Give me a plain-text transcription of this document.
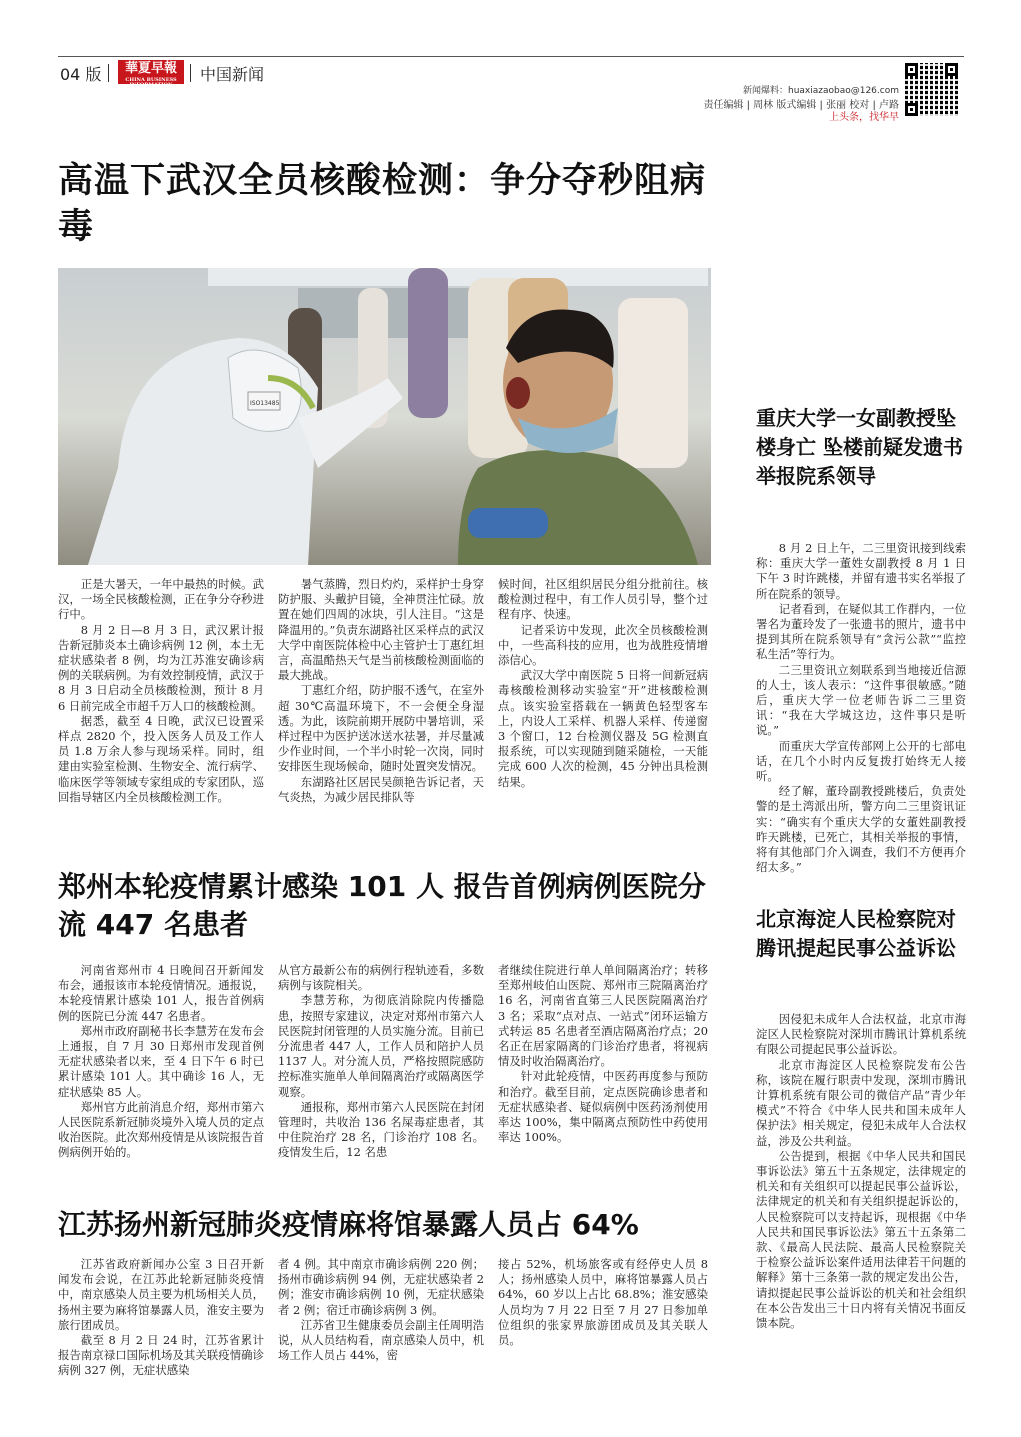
04 版	華夏早報
CHINA BUSINESS INFORMATION
中国新闻
新闻爆料：huaxiazaobao@126.com
责任编辑 | 周林 版式编辑 | 张丽 校对 | 卢路
上头条，找华早
高温下武汉全员核酸检测：争分夺秒阻病毒
ISO13485

正是大暑天，一年中最热的时候。武汉，一场全民核酸检测，正在争分夺秒进行中。

8 月 2 日—8 月 3 日，武汉累计报告新冠肺炎本土确诊病例 12 例，本土无症状感染者 8 例，均为江苏淮安确诊病例的关联病例。为有效控制疫情，武汉于 8 月 3 日启动全员核酸检测，预计 8 月 6 日前完成全市超千万人口的核酸检测。

据悉，截至 4 日晚，武汉已设置采样点 2820 个，投入医务人员及工作人员 1.8 万余人参与现场采样。同时，组建由实验室检测、生物安全、流行病学、临床医学等领域专家组成的专家团队，巡回指导辖区内全员核酸检测工作。

暑气蒸腾，烈日灼灼，采样护士身穿防护服、头戴护目镜，全神贯注忙碌。放置在她们四周的冰块，引人注目。“这是降温用的。”负责东湖路社区采样点的武汉大学中南医院体检中心主管护士丁惠红坦言，高温酷热天气是当前核酸检测面临的最大挑战。

丁惠红介绍，防护服不透气，在室外超 30℃高温环境下，不一会便全身湿透。为此，该院前期开展防中暑培训，采样过程中为医护送冰送水祛暑，并尽量减少作业时间，一个半小时轮一次岗，同时安排医生现场候命，随时处置突发情况。

东湖路社区居民吴颜艳告诉记者，天气炎热，为减少居民排队等

候时间，社区组织居民分组分批前往。核酸检测过程中，有工作人员引导，整个过程有序、快速。

记者采访中发现，此次全员核酸检测中，一些高科技的应用，也为战胜疫情增添信心。

武汉大学中南医院 5 日将一间新冠病毒核酸检测移动实验室“开”进核酸检测点。该实验室搭载在一辆黄色轻型客车上，内设人工采样、机器人采样、传递窗 3 个窗口，12 台检测仪器及 5G 检测直报系统，可以实现随到随采随检，一天能完成 600 人次的检测，45 分钟出具检测结果。

郑州本轮疫情累计感染 101 人 报告首例病例医院分流 447 名患者

河南省郑州市 4 日晚间召开新闻发布会，通报该市本轮疫情情况。通报说，本轮疫情累计感染 101 人，报告首例病例的医院已分流 447 名患者。

郑州市政府副秘书长李慧芳在发布会上通报，自 7 月 30 日郑州市发现首例无症状感染者以来，至 4 日下午 6 时已累计感染 101 人。其中确诊 16 人，无症状感染 85 人。

郑州官方此前消息介绍，郑州市第六人民医院系新冠肺炎境外入境人员的定点收治医院。此次郑州疫情是从该院报告首例病例开始的。

从官方最新公布的病例行程轨迹看，多数病例与该院相关。

李慧芳称，为彻底消除院内传播隐患，按照专家建议，决定对郑州市第六人民医院封闭管理的人员实施分流。目前已分流患者 447 人，工作人员和陪护人员 1137 人。对分流人员，严格按照院感防控标准实施单人单间隔离治疗或隔离医学观察。

通报称，郑州市第六人民医院在封闭管理时，共收治 136 名屎毒症患者，其中住院治疗 28 名，门诊治疗 108 名。疫情发生后，12 名患

者继续住院进行单人单间隔离治疗；转移至郑州岐伯山医院、郑州市三院隔离治疗 16 名，河南省直第三人民医院隔离治疗 3 名；采取“点对点、一站式”闭环运输方式转运 85 名患者至酒店隔离治疗点；20 名正在居家隔离的门诊治疗患者，将视病情及时收治隔离治疗。

针对此轮疫情，中医药再度参与预防和治疗。截至目前，定点医院确诊患者和无症状感染者、疑似病例中医药汤剂使用率达 100%，集中隔离点预防性中药使用率达 100%。

江苏扬州新冠肺炎疫情麻将馆暴露人员占 64%

江苏省政府新闻办公室 3 日召开新闻发布会说，在江苏此轮新冠肺炎疫情中，南京感染人员主要为机场相关人员，扬州主要为麻将馆暴露人员，淮安主要为旅行团成员。

截至 8 月 2 日 24 时，江苏省累计报告南京禄口国际机场及其关联疫情确诊病例 327 例，无症状感染

者 4 例。其中南京市确诊病例 220 例；扬州市确诊病例 94 例，无症状感染者 2 例；淮安市确诊病例 10 例，无症状感染者 2 例；宿迁市确诊病例 3 例。

江苏省卫生健康委员会副主任周明浩说，从人员结构看，南京感染人员中，机场工作人员占 44%，密

接占 52%，机场旅客或有经停史人员 8 人；扬州感染人员中，麻将馆暴露人员占 64%，60 岁以上占比 68.8%；淮安感染人员均为 7 月 22 日至 7 月 27 日参加单位组织的张家界旅游团成员及其关联人员。

重庆大学一女副教授坠楼身亡 坠楼前疑发遗书举报院系领导

8 月 2 日上午，二三里资讯接到线索称：重庆大学一董姓女副教授 8 月 1 日下午 3 时许跳楼，并留有遗书实名举报了所在院系的领导。

记者看到，在疑似其工作群内，一位署名为董玲发了一张遗书的照片，遗书中提到其所在院系领导有“贪污公款”“监控私生活”等行为。

二三里资讯立刻联系到当地接近信源的人士，该人表示：“这件事很敏感。”随后，重庆大学一位老师告诉二三里资讯：“我在大学城这边，这件事只是听说。”

而重庆大学宣传部网上公开的七部电话，在几个小时内反复拨打始终无人接听。

经了解，董玲副教授跳楼后，负责处警的是土湾派出所，警方向二三里资讯证实：“确实有个重庆大学的女董姓副教授昨天跳楼，已死亡，其相关举报的事情，将有其他部门介入调查，我们不方便再介绍太多。”

北京海淀人民检察院对腾讯提起民事公益诉讼

因侵犯未成年人合法权益，北京市海淀区人民检察院对深圳市腾讯计算机系统有限公司提起民事公益诉讼。

北京市海淀区人民检察院发布公告称，该院在履行职责中发现，深圳市腾讯计算机系统有限公司的微信产品“青少年模式”不符合《中华人民共和国未成年人保护法》相关规定，侵犯未成年人合法权益，涉及公共利益。

公告提到，根据《中华人民共和国民事诉讼法》第五十五条规定，法律规定的机关和有关组织可以提起民事公益诉讼，法律规定的机关和有关组织提起诉讼的，人民检察院可以支持起诉，现根据《中华人民共和国民事诉讼法》第五十五条第二款、《最高人民法院、最高人民检察院关于检察公益诉讼案件适用法律若干问题的解释》第十三条第一款的规定发出公告，请拟提起民事公益诉讼的机关和社会组织在本公告发出三十日内将有关情况书面反馈本院。
